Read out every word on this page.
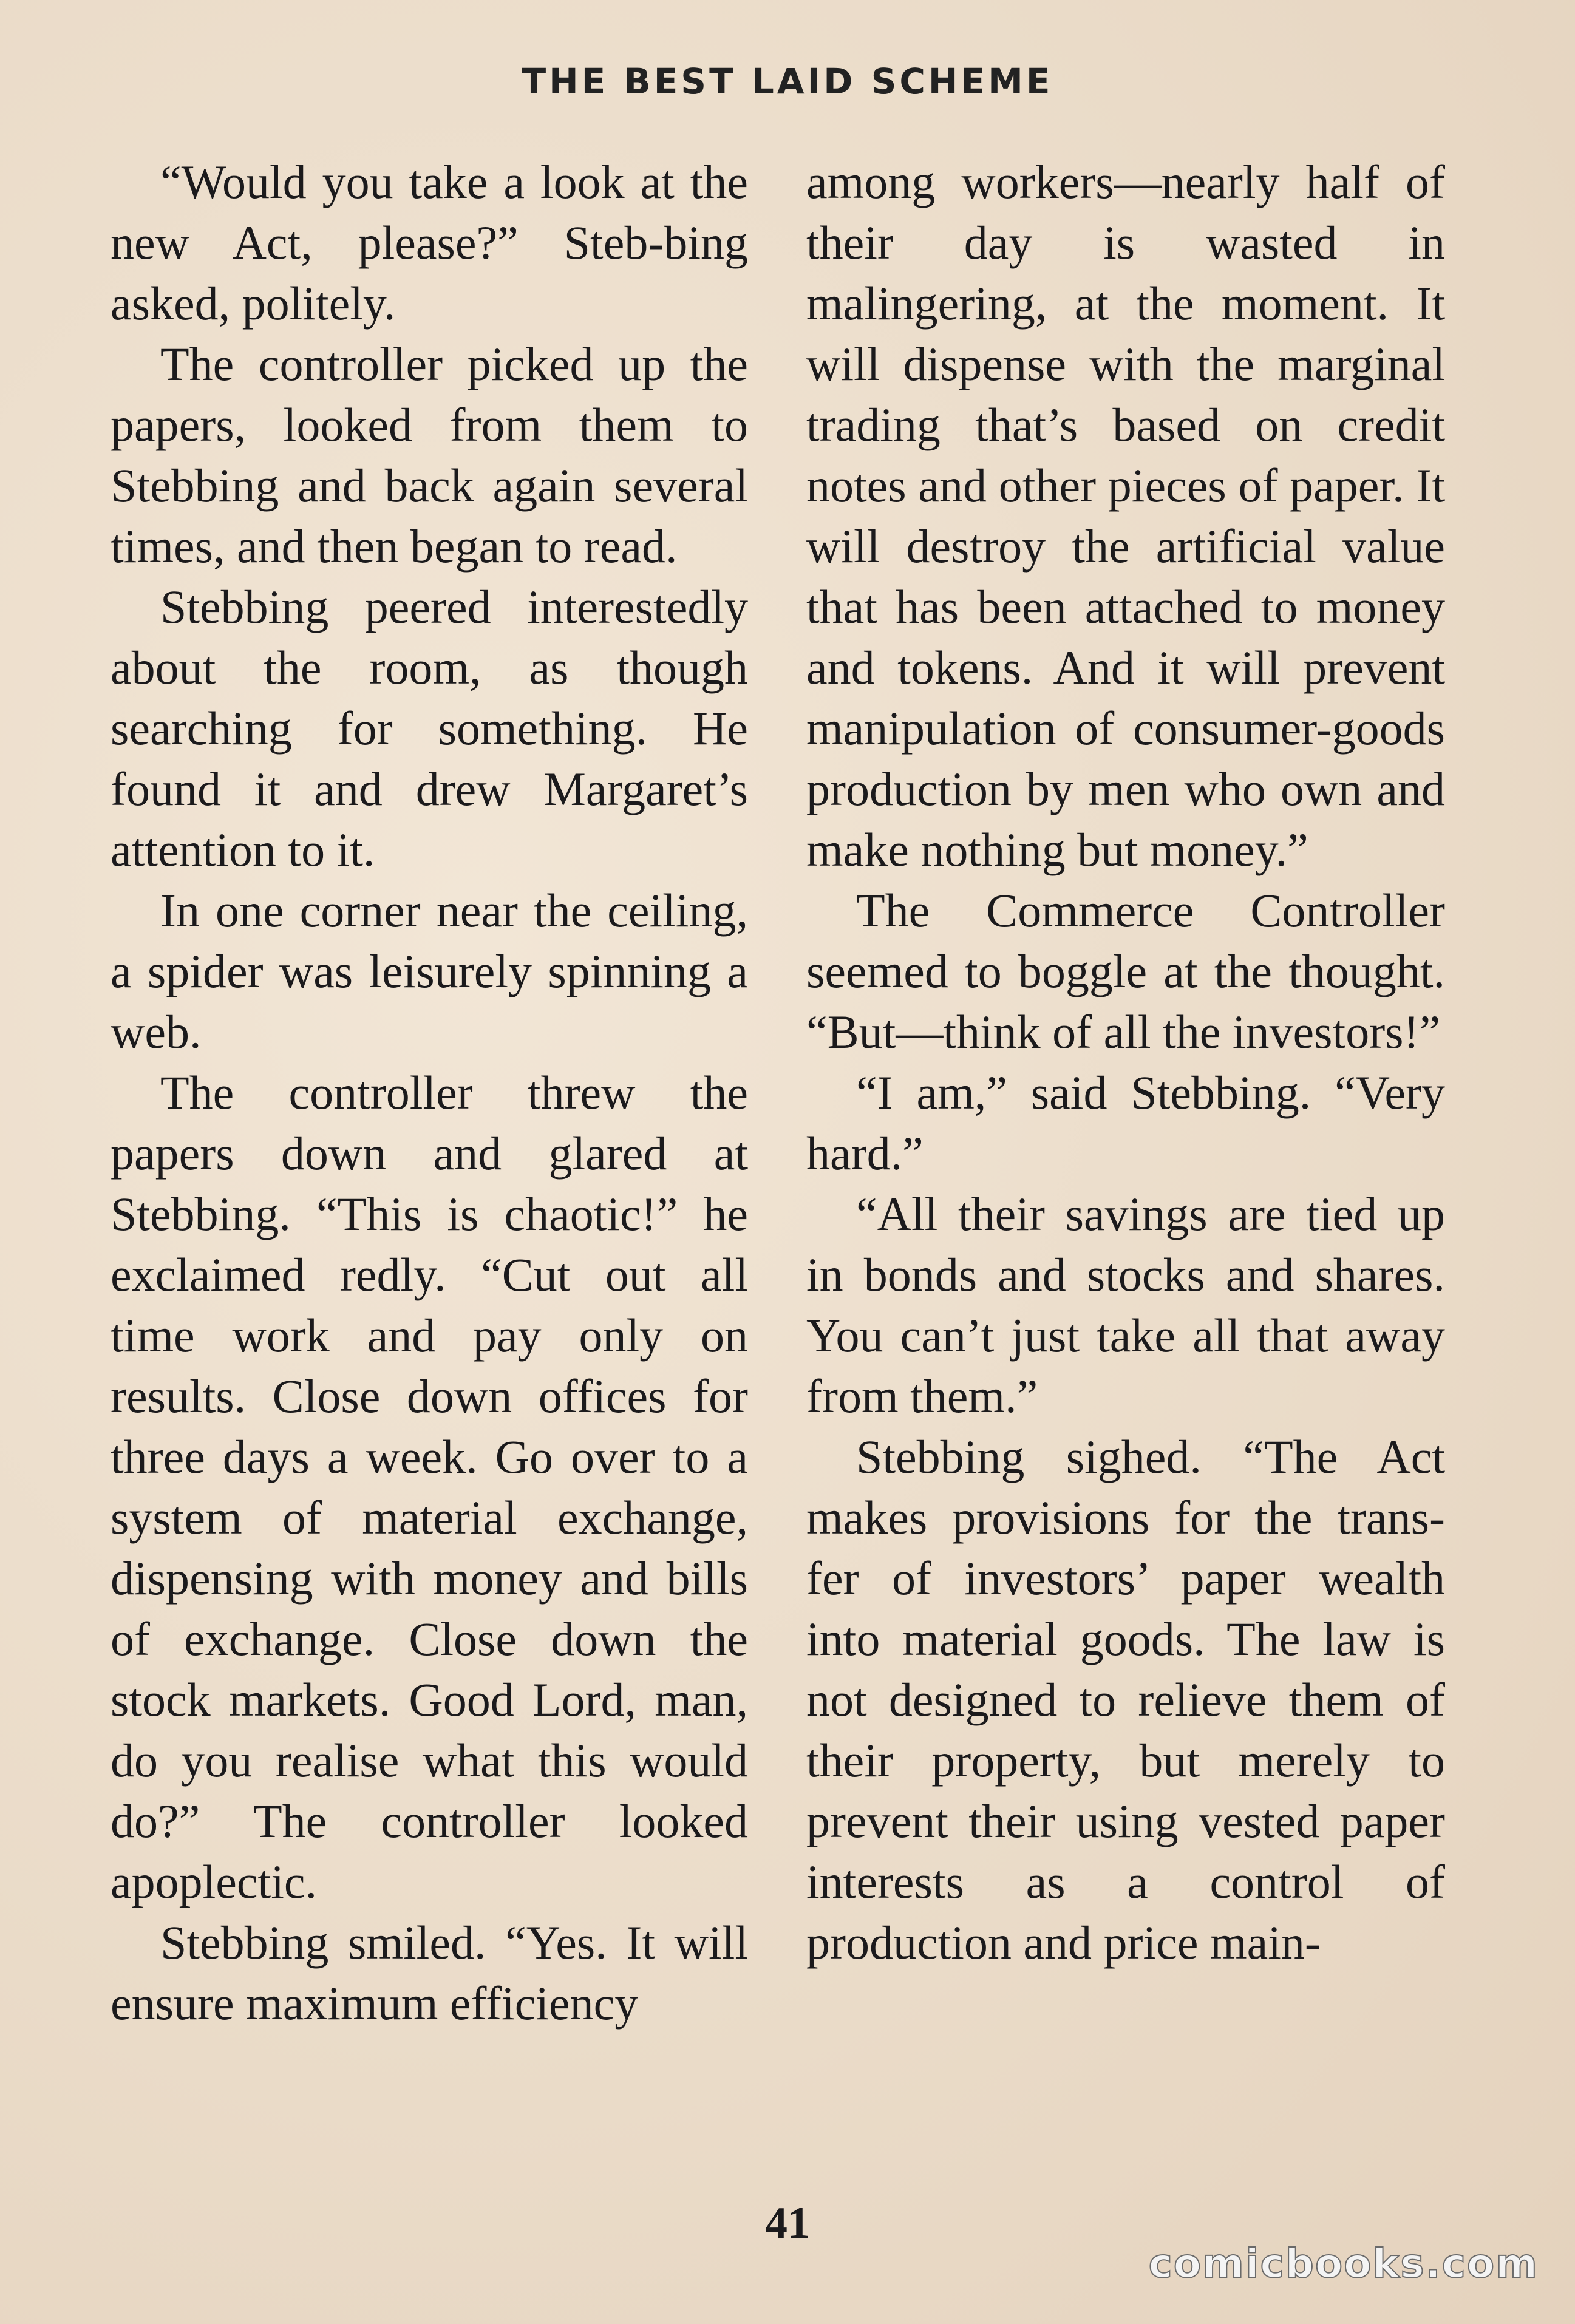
THE BEST LAID SCHEME

“Would you take a look at the new Act, please?” Steb-bing asked, politely.

The controller picked up the papers, looked from them to Stebbing and back again several times, and then began to read.

Stebbing peered interestedly about the room, as though searching for something. He found it and drew Margaret’s attention to it.

In one corner near the ceiling, a spider was leisurely spinning a web.

The controller threw the papers down and glared at Stebbing. “This is chaotic!” he exclaimed redly. “Cut out all time work and pay only on results. Close down offices for three days a week. Go over to a system of material exchange, dispensing with money and bills of exchange. Close down the stock markets. Good Lord, man, do you realise what this would do?” The controller looked apoplectic.

Stebbing smiled. “Yes. It will ensure maximum efficiency

among workers—nearly half of their day is wasted in malingering, at the moment. It will dispense with the marginal trading that’s based on credit notes and other pieces of paper. It will destroy the artificial value that has been attached to money and tokens. And it will prevent manipulation of consumer-goods production by men who own and make nothing but money.”

The Commerce Controller seemed to boggle at the thought. “But—think of all the investors!”

“I am,” said Stebbing. “Very hard.”

“All their savings are tied up in bonds and stocks and shares. You can’t just take all that away from them.”

Stebbing sighed. “The Act makes provisions for the trans-fer of investors’ paper wealth into material goods. The law is not designed to relieve them of their property, but merely to prevent their using vested paper interests as a control of production and price main-

41
comicbooks.com
